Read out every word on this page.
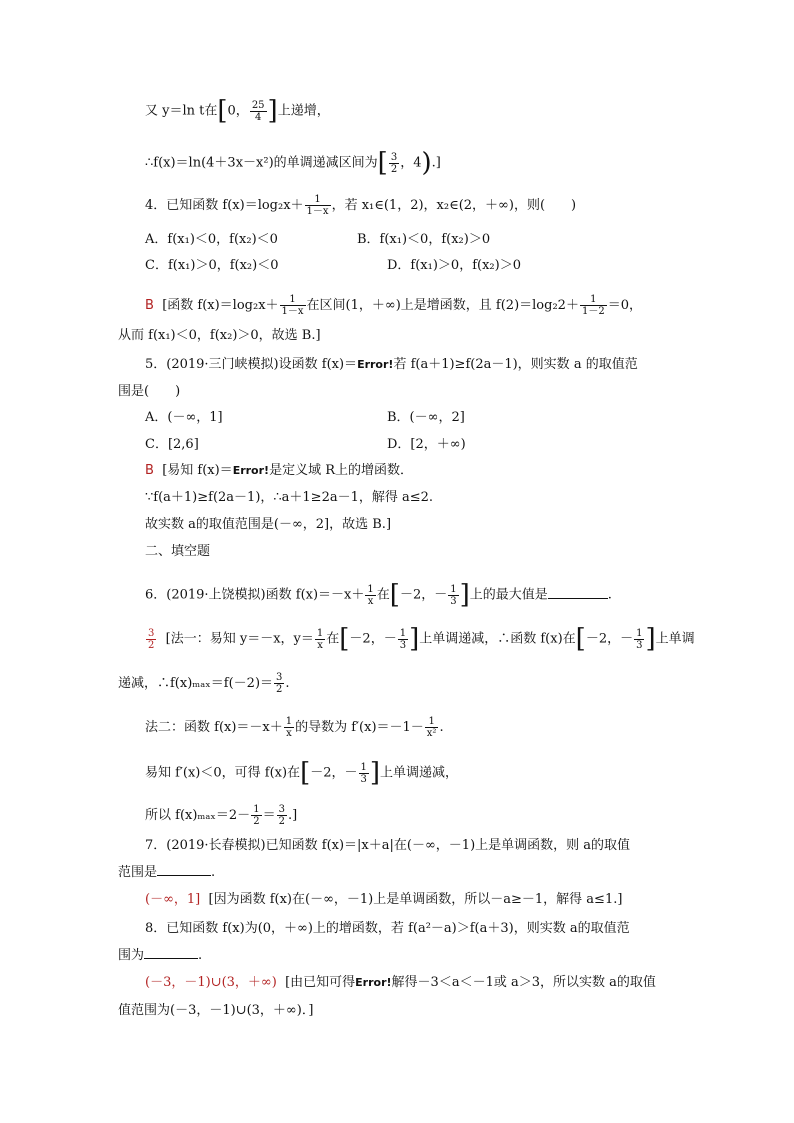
又 y＝ln t在[0， $\frac{25}{4}$ ]上递增，
∴f(x)＝ln(4＋3x－x²)的单调递减区间为[ $\frac{3}{2}$ ，4).]
4．已知函数 $f(x)=\log_2x+ \frac{1}{1-x}$ ，若 x₁∈(1，2)，x₂∈(2，＋∞)，则(　　)
A．f(x₁)＜0，f(x₂)＜0	B．f(x₁)＜0，f(x₂)＞0
C．f(x₁)＞0，f(x₂)＜0	D．f(x₁)＞0，f(x₂)＞0
B [函数 $f(x)=\log_2x+ \frac{1}{1-x}$ 在区间(1，＋∞)上是增函数，且 $f(2)=\log_22+ \frac{1}{1-2} =0$，
从而 f(x₁)＜0，f(x₂)＞0，故选 B.]
5．(2019·三门峡模拟)设函数 f(x)＝Error!若 f(a＋1)≥f(2a－1)，则实数 a 的取值范
围是(　　)
A．(－∞，1]	B．(－∞，2]
C．[2,6]	D．[2，＋∞)
B [易知 f(x)＝Error!是定义域 R上的增函数．
∵f(a＋1)≥f(2a－1)，∴a＋1≥2a－1，解得 a≤2.
故实数 a的取值范围是(－∞，2]，故选 B.]
二、填空题
6．(2019·上饶模拟)函数 $f(x)=-x+ \frac{1}{x}$ 在[－2，－ $\frac{1}{3}$ ]上的最大值是	.
$\frac{3}{2}$ [法一：易知 y＝－x，$y= \frac{1}{x}$ 在[－2，－ $\frac{1}{3}$ ]上单调递减，∴函数 f(x)在[－2，－ $\frac{1}{3}$ ]上单调
递减，∴f(x)ₘₐₓ＝f(－2)＝ $\frac{3}{2}$ .
法二：函数 $f(x)=-x+ \frac{1}{x}$ 的导数为 $f'(x)=-1- \frac{1}{\text{x²}}$ .
易知 f′(x)＜0，可得 f(x)在[－2，－ $\frac{1}{3}$ ]上单调递减，
所以 $f(x)_{max}=2- \frac{1}{2} = \frac{3}{2}$ .]
7．(2019·长春模拟)已知函数 f(x)＝|x＋a|在(－∞，－1)上是单调函数，则 a的取值
范围是	.
(－∞，1] [因为函数 f(x)在(－∞，－1)上是单调函数，所以－a≥－1，解得 a≤1.]
8．已知函数 f(x)为(0，＋∞)上的增函数，若 f(a²－a)＞f(a＋3)，则实数 a的取值范
围为	.
(－3，－1)∪(3，＋∞) [由已知可得Error!解得－3＜a＜－1或 a＞3，所以实数 a的取值
值范围为(－3，－1)∪(3，＋∞)．]
